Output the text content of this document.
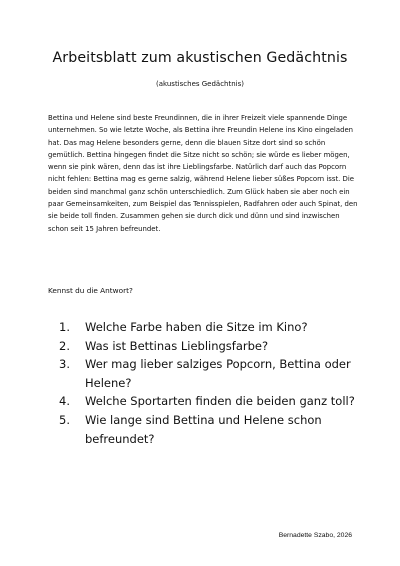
Arbeitsblatt zum akustischen Gedächtnis

(akustisches Gedächtnis)

Bettina und Helene sind beste Freundinnen, die in ihrer Freizeit viele spannende Dinge unternehmen. So wie letzte Woche, als Bettina ihre Freundin Helene ins Kino eingeladen hat. Das mag Helene besonders gerne, denn die blauen Sitze dort sind so schön gemütlich. Bettina hingegen findet die Sitze nicht so schön; sie würde es lieber mögen, wenn sie pink wären, denn das ist ihre Lieblingsfarbe. Natürlich darf auch das Popcorn nicht fehlen: Bettina mag es gerne salzig, während Helene lieber süßes Popcorn isst. Die beiden sind manchmal ganz schön unterschiedlich. Zum Glück haben sie aber noch ein paar Gemeinsamkeiten, zum Beispiel das Tennisspielen, Radfahren oder auch Spinat, den sie beide toll finden. Zusammen gehen sie durch dick und dünn und sind inzwischen schon seit 15 Jahren befreundet.

Kennst du die Antwort?

1. Welche Farbe haben die Sitze im Kino?
2. Was ist Bettinas Lieblingsfarbe?
3. Wer mag lieber salziges Popcorn, Bettina oder Helene?
4. Welche Sportarten finden die beiden ganz toll?
5. Wie lange sind Bettina und Helene schon befreundet?

Bernadette Szabo, 2026
